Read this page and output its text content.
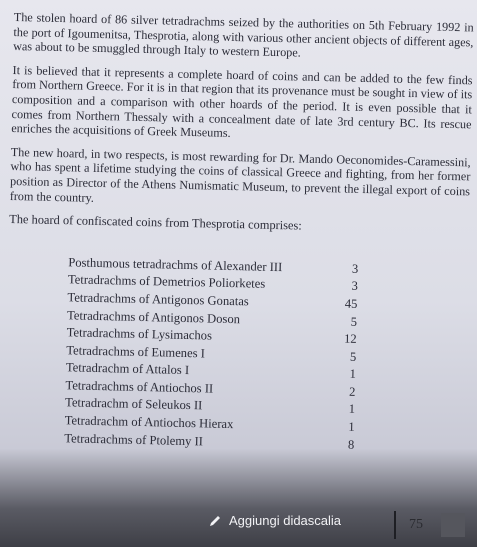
The stolen hoard of 86 silver tetradrachms seized by the authorities on 5th February 1992 in the port of Igoumenitsa, Thesprotia, along with various other ancient objects of different ages, was about to be smuggled through Italy to western Europe.

It is believed that it represents a complete hoard of coins and can be added to the few finds from Northern Greece. For it is in that region that its provenance must be sought in view of its composition and a comparison with other hoards of the period. It is even possible that it comes from Northern Thessaly with a concealment date of late 3rd century BC. Its rescue enriches the acquisitions of Greek Museums.

The new hoard, in two respects, is most rewarding for Dr. Mando Oeconomides-Caramessini, who has spent a lifetime studying the coins of classical Greece and fighting, from her former position as Director of the Athens Numismatic Museum, to prevent the illegal export of coins from the country.

The hoard of confiscated coins from Thesprotia comprises:

Posthumous tetradrachms of Alexander III	3
Tetradrachms of Demetrios Poliorketes	3
Tetradrachms of Antigonos Gonatas	45
Tetradrachms of Antigonos Doson	5
Tetradrachms of Lysimachos	12
Tetradrachms of Eumenes I	5
Tetradrachm of Attalos I	1
Tetradrachms of Antiochos II	2
Tetradrachm of Seleukos II	1
Tetradrachm of Antiochos Hierax	1
Tetradrachms of Ptolemy II	8
Aggiungi didascalia	75
